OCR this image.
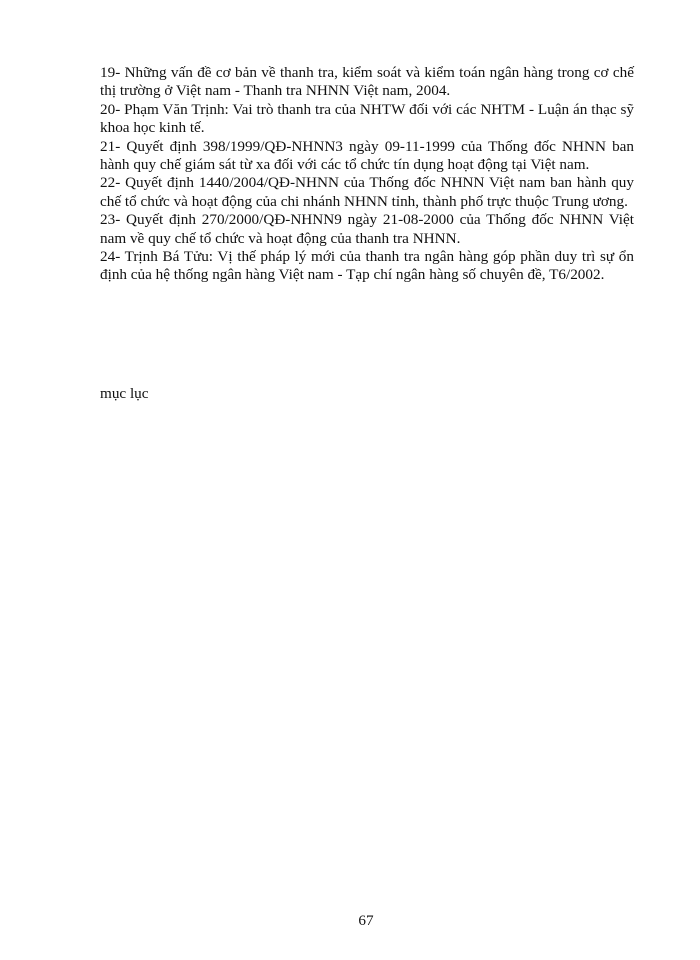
19- Những vấn đề cơ bản về thanh tra, kiểm soát và kiểm toán ngân hàng trong cơ chế thị trường ở Việt nam - Thanh tra NHNN Việt nam, 2004.

20- Phạm Văn Trịnh: Vai trò thanh tra của NHTW đối với các NHTM - Luận án thạc sỹ khoa học kinh tế.

21- Quyết định 398/1999/QĐ-NHNN3 ngày 09-11-1999 của Thống đốc NHNN ban hành quy chế giám sát từ xa đối với các tổ chức tín dụng hoạt động tại Việt nam.

22- Quyết định 1440/2004/QĐ-NHNN của Thống đốc NHNN Việt nam ban hành quy chế tổ chức và hoạt động của chi nhánh NHNN tỉnh, thành phố trực thuộc Trung ương.

23- Quyết định 270/2000/QĐ-NHNN9 ngày 21-08-2000 của Thống đốc NHNN Việt nam về quy chế tổ chức và hoạt động của thanh tra NHNN.

24- Trịnh Bá Tửu: Vị thế pháp lý mới của thanh tra ngân hàng góp phần duy trì sự ổn định của hệ thống ngân hàng Việt nam - Tạp chí ngân hàng số chuyên đề, T6/2002.

mục lục

67
